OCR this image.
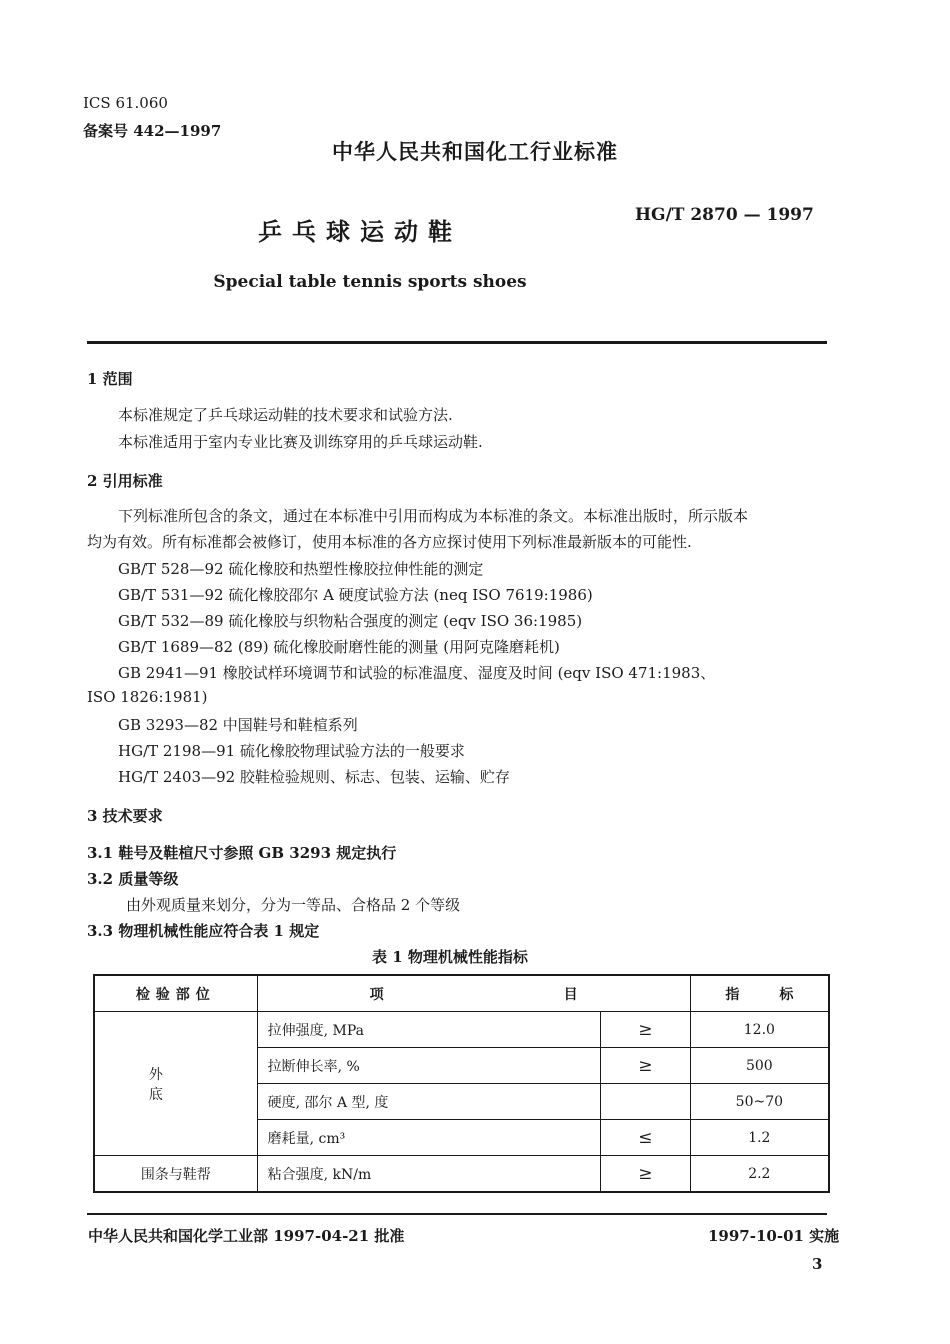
ICS 61.060
备案号 442—1997
中华人民共和国化工行业标准
乒乓球运动鞋
HG/T 2870 — 1997
Special table tennis sports shoes
1 范围
本标准规定了乒乓球运动鞋的技术要求和试验方法.
本标准适用于室内专业比赛及训练穿用的乒乓球运动鞋.
2 引用标准
下列标准所包含的条文，通过在本标准中引用而构成为本标准的条文。本标准出版时，所示版本
均为有效。所有标准都会被修订，使用本标准的各方应探讨使用下列标准最新版本的可能性.
GB/T 528—92 硫化橡胶和热塑性橡胶拉伸性能的测定
GB/T 531—92 硫化橡胶邵尔 A 硬度试验方法 (neq ISO 7619:1986)
GB/T 532—89 硫化橡胶与织物粘合强度的测定 (eqv ISO 36:1985)
GB/T 1689—82 (89) 硫化橡胶耐磨性能的测量 (用阿克隆磨耗机)
GB 2941—91 橡胶试样环境调节和试验的标准温度、湿度及时间 (eqv ISO 471:1983、
ISO 1826:1981)
GB 3293—82 中国鞋号和鞋楦系列
HG/T 2198—91 硫化橡胶物理试验方法的一般要求
HG/T 2403—92 胶鞋检验规则、标志、包装、运输、贮存
3 技术要求
3.1 鞋号及鞋楦尺寸参照 GB 3293 规定执行
3.2 质量等级
由外观质量来划分，分为一等品、合格品 2 个等级
3.3 物理机械性能应符合表 1 规定
表 1 物理机械性能指标
检验部位	项 目		指 标
外 底	拉伸强度, MPa	≥	12.0
	拉断伸长率, %	≥	500
	硬度, 邵尔 A 型, 度		50~70
	磨耗量, cm³	≤	1.2
围条与鞋帮	粘合强度, kN/m	≥	2.2
中华人民共和国化学工业部 1997-04-21 批准	1997-10-01 实施
3
